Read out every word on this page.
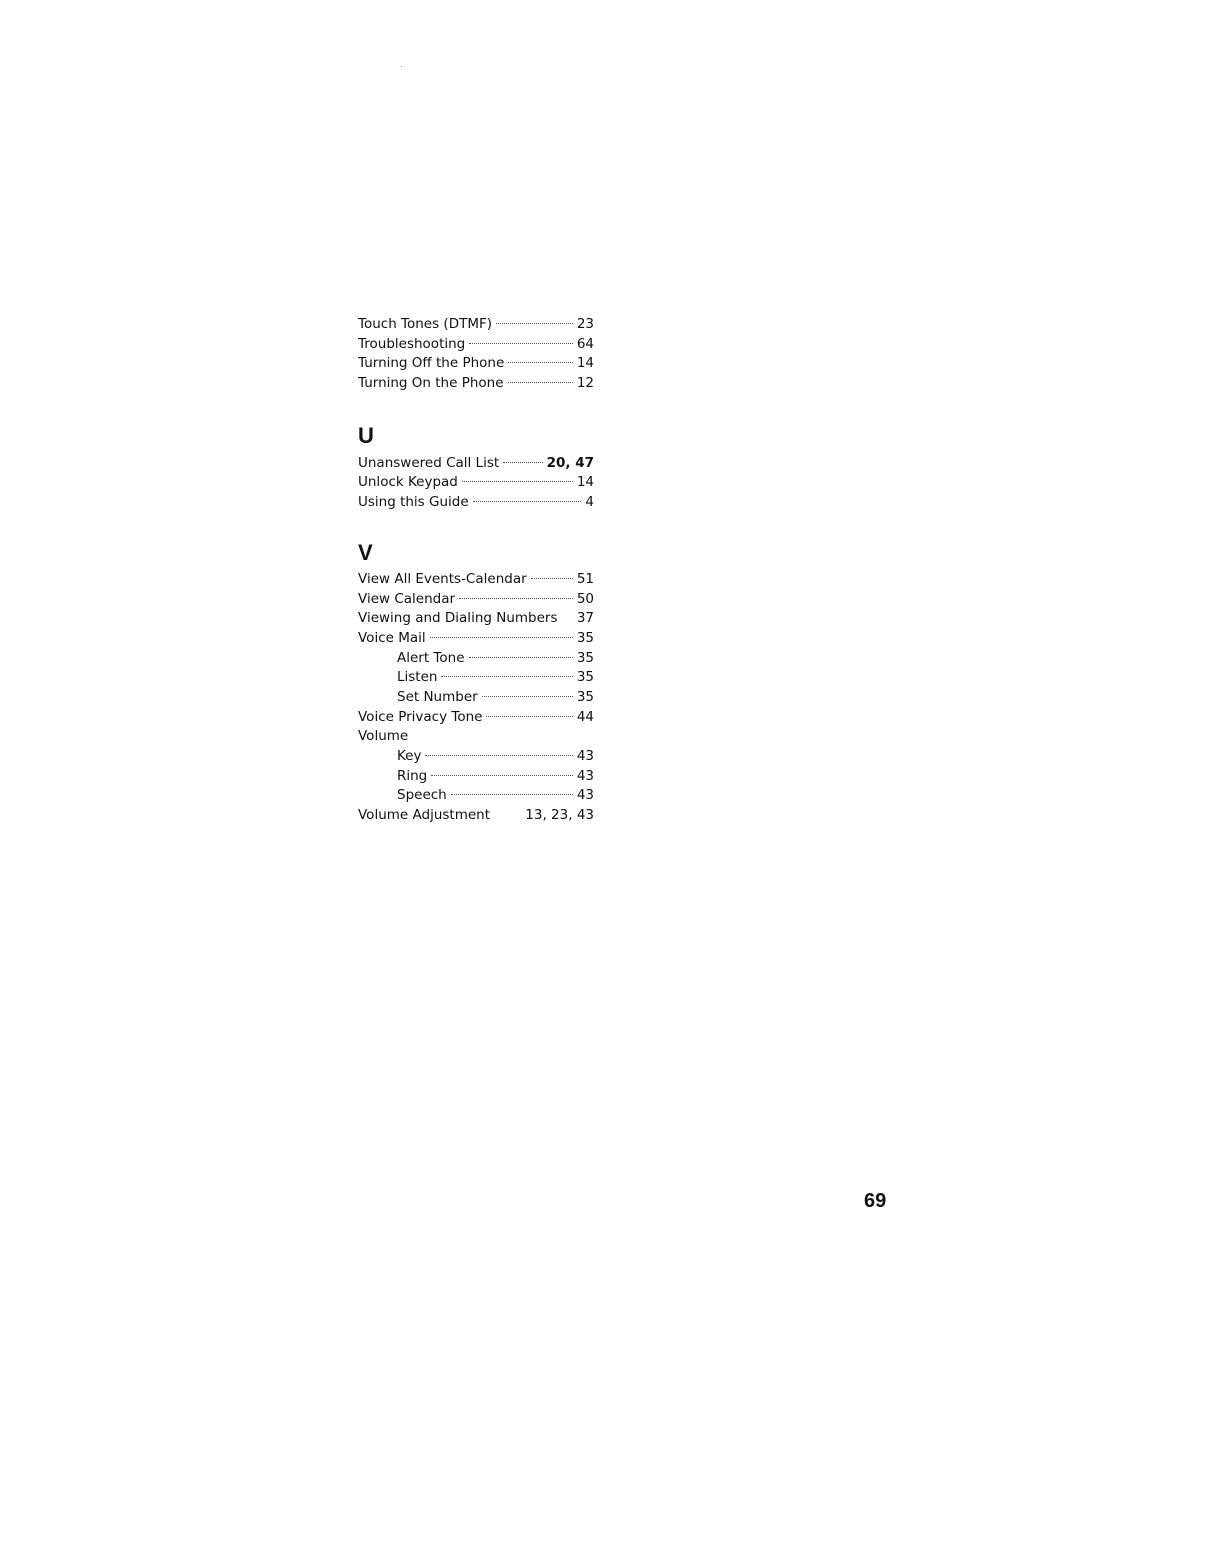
Touch Tones (DTMF)	23
Troubleshooting	64
Turning Off the Phone	14
Turning On the Phone	12
U
Unanswered Call List	20, 47
Unlock Keypad	14
Using this Guide	4
V
View All Events-Calendar	51
View Calendar	50
Viewing and Dialing Numbers 37
Voice Mail	35
Alert Tone	35
Listen	35
Set Number	35
Voice Privacy Tone	44
Volume
Key	43
Ring	43
Speech	43
Volume Adjustment	13, 23, 43
69
